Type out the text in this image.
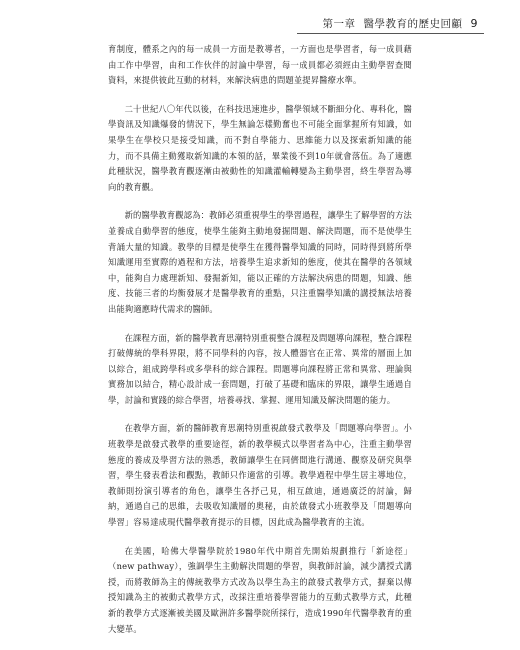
第一章 醫學教育的歷史回顧 9

育制度，體系之內的每一成員一方面是教導者，一方面也是學習者，每一成員藉由工作中學習，由和工作伙伴的討論中學習，每一成員都必須經由主動學習查閱資料，來提供彼此互動的材料，來解決病患的問題並提昇醫療水準。

二十世紀八〇年代以後，在科技迅速進步，醫學領域不斷細分化、專科化，醫學資訊及知識爆發的情況下，學生無論怎樣勤奮也不可能全面掌握所有知識，如果學生在學校只是接受知識，而不對自學能力、思維能力以及探索新知識的能力，而不具備主動獲取新知識的本領的話，畢業後不到10年就會落伍。為了適應此種狀況，醫學教育觀逐漸由被動性的知識灌輸轉變為主動學習，終生學習為導向的教育觀。

新的醫學教育觀認為：教師必須重視學生的學習過程，讓學生了解學習的方法並養成自動學習的態度，使學生能夠主動地發掘問題、解決問題，而不是使學生背誦大量的知識。教學的目標是使學生在獲得醫學知識的同時，同時得到將所學知識運用至實際的過程和方法，培養學生追求新知的態度，使其在醫學的各領域中，能夠自力處理新知、發掘新知，能以正確的方法解決病患的問題，知識、態度、技能三者的均衡發展才是醫學教育的重點，只注重醫學知識的講授無法培養出能夠適應時代需求的醫師。

在課程方面，新的醫學教育思潮特別重視整合課程及問題導向課程，整合課程打破傳統的學科界限，將不同學科的內容，按人體器官在正常、異常的層面上加以綜合，組成跨學科或多學科的綜合課程。問題導向課程將正常和異常、理論與實務加以結合，精心設計成一套問題，打破了基礎和臨床的界限，讓學生通過自學，討論和實踐的綜合學習，培養尋找、掌握、運用知識及解決問題的能力。

在教學方面，新的醫師教育思潮特別重視啟發式教學及「問題導向學習」。小班教學是啟發式教學的重要途徑，新的教學模式以學習者為中心，注重主動學習態度的養成及學習方法的熟悉，教師讓學生在同儕間進行溝通、觀察及研究與學習，學生發表看法和觀點，教師只作適當的引導。教學過程中學生居主導地位，教師則扮演引導者的角色，讓學生各抒己見，相互啟迪，通過廣泛的討論，歸納，通過自己的思維，去吸收知識層的奧秘，由於啟發式小班教學及「問題導向學習」容易達成現代醫學教育提示的目標，因此成為醫學教育的主流。

在美國，哈佛大學醫學院於1980年代中期首先開始規劃推行「新途徑」（new pathway），強調學生主動解決問題的學習，與教師討論，減少講授式講授，而將教師為主的傳統教學方式改為以學生為主的啟發式教學方式，摒棄以傳授知識為主的被動式教學方式，改採注重培養學習能力的互動式教學方式，此種新的教學方式逐漸被美國及歐洲許多醫學院所採行，造成1990年代醫學教育的重大變革。
